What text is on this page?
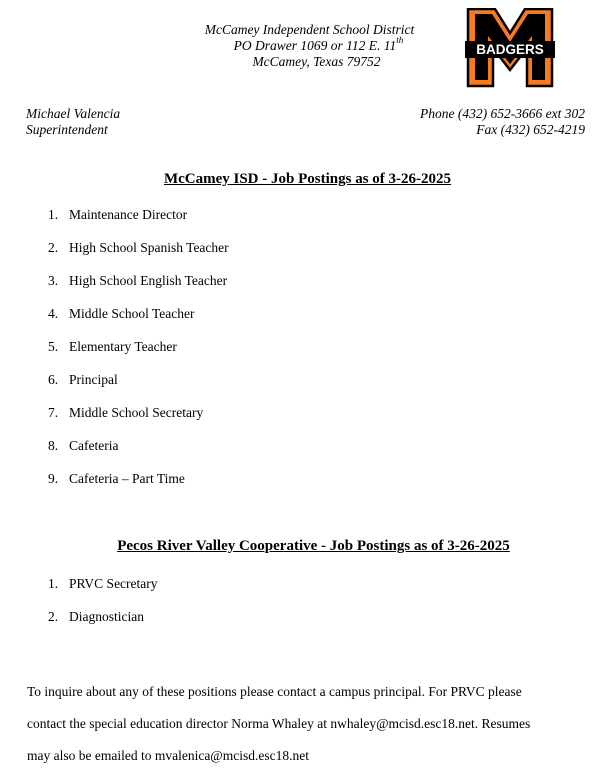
McCamey Independent School District
PO Drawer 1069 or 112 E. 11th
McCamey, Texas 79752
BADGERS
Michael Valencia
Superintendent
Phone (432) 652-3666 ext 302
Fax (432) 652-4219
McCamey ISD - Job Postings as of 3-26-2025
1. Maintenance Director
2. High School Spanish Teacher
3. High School English Teacher
4. Middle School Teacher
5. Elementary Teacher
6. Principal
7. Middle School Secretary
8. Cafeteria
9. Cafeteria – Part Time
Pecos River Valley Cooperative - Job Postings as of 3-26-2025
1. PRVC Secretary
2. Diagnostician
To inquire about any of these positions please contact a campus principal. For PRVC please
contact the special education director Norma Whaley at nwhaley@mcisd.esc18.net. Resumes
may also be emailed to mvalenica@mcisd.esc18.net
